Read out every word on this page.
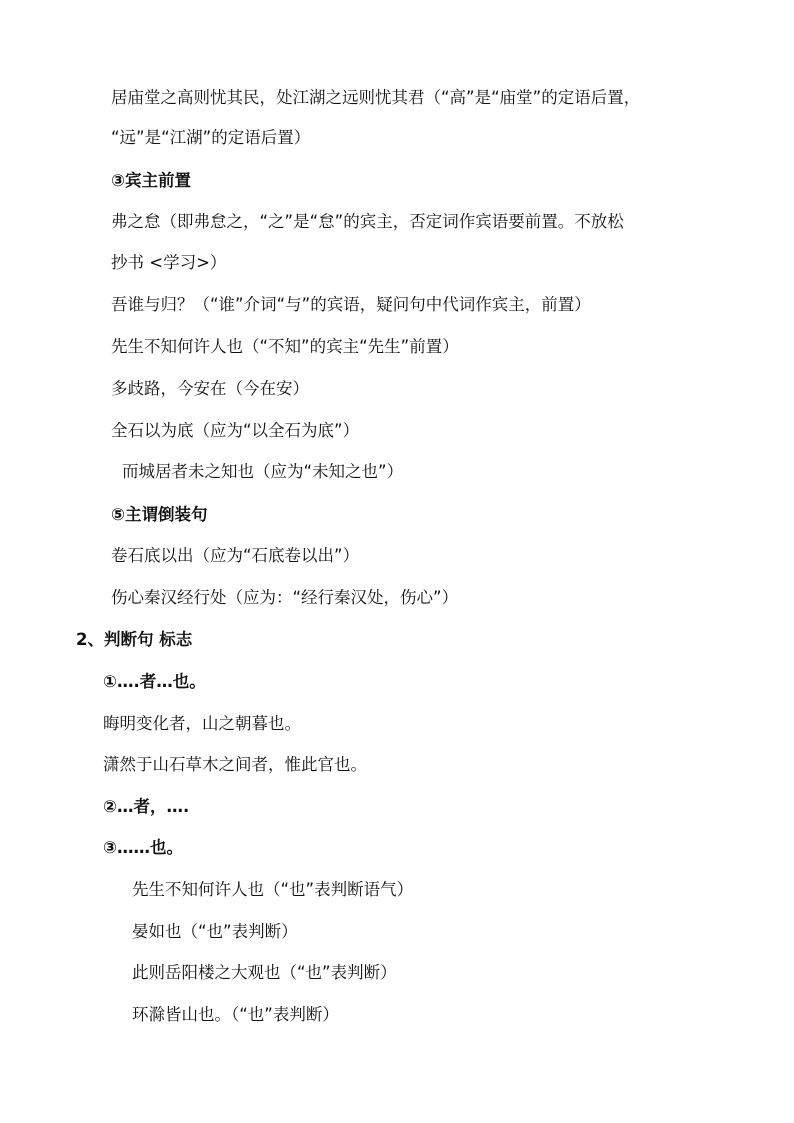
居庙堂之高则忧其民，处江湖之远则忧其君（“高”是“庙堂”的定语后置，
“远”是“江湖”的定语后置）
③宾主前置
弗之怠（即弗怠之，“之”是“怠”的宾主，否定词作宾语要前置。不放松
抄书 <学习>）
吾谁与归？（“谁”介词“与”的宾语，疑问句中代词作宾主，前置）
先生不知何许人也（“不知”的宾主“先生”前置）
多歧路，今安在（今在安）
全石以为底（应为“以全石为底”）
而城居者未之知也（应为“未知之也”）
⑤主谓倒装句
卷石底以出（应为“石底卷以出”）
伤心秦汉经行处（应为：“经行秦汉处，伤心”）
2、判断句 标志
①….者…也。
晦明变化者，山之朝暮也。
潇然于山石草木之间者，惟此官也。
②…者，….
③……也。
先生不知何许人也（“也”表判断语气）
晏如也（“也”表判断）
此则岳阳楼之大观也（“也”表判断）
环滁皆山也。（“也”表判断）
